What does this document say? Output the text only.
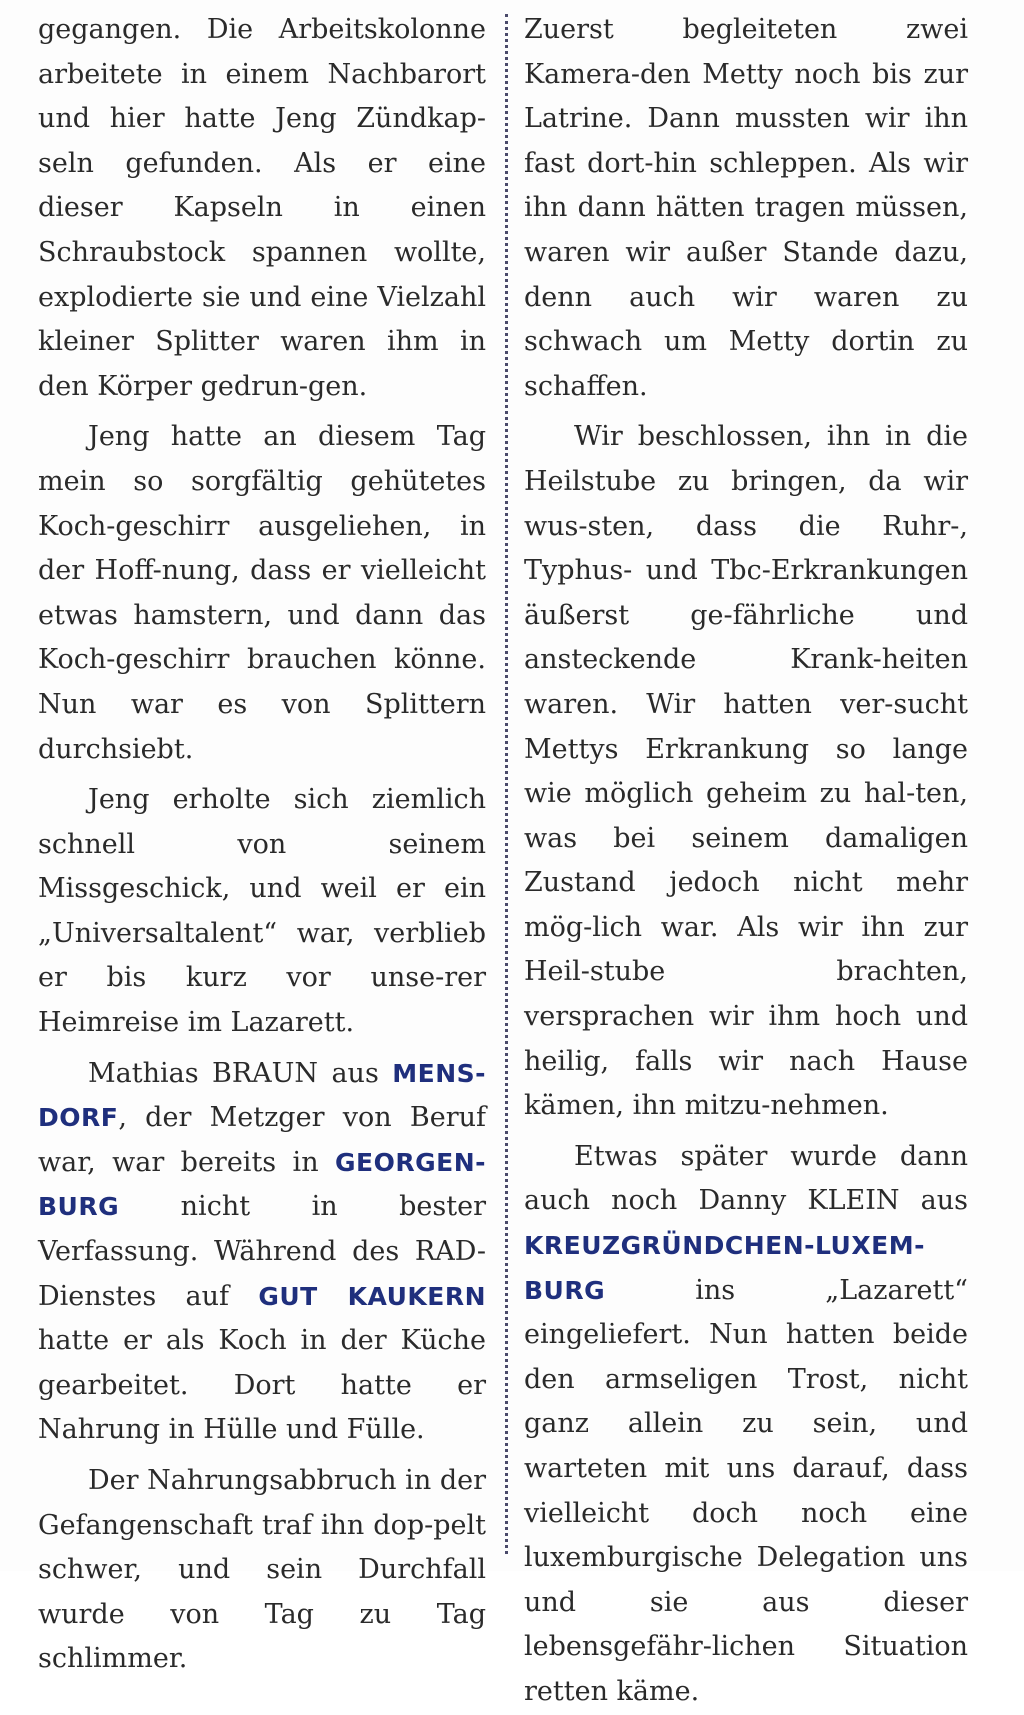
gegangen. Die Arbeitskolonne arbeitete in einem Nachbarort und hier hatte Jeng Zündkap-seln gefunden. Als er eine dieser Kapseln in einen Schraubstock spannen wollte, explodierte sie und eine Vielzahl kleiner Splitter waren ihm in den Körper gedrun-gen.

Jeng hatte an diesem Tag mein so sorgfältig gehütetes Koch-geschirr ausgeliehen, in der Hoff-nung, dass er vielleicht etwas hamstern, und dann das Koch-geschirr brauchen könne. Nun war es von Splittern durchsiebt.

Jeng erholte sich ziemlich schnell von seinem Missgeschick, und weil er ein „Universaltalent“ war, verblieb er bis kurz vor unse-rer Heimreise im Lazarett.

Mathias BRAUN aus MENS-DORF, der Metzger von Beruf war, war bereits in GEORGEN-BURG nicht in bester Verfassung. Während des RAD-Dienstes auf GUT KAUKERN hatte er als Koch in der Küche gearbeitet. Dort hatte er Nahrung in Hülle und Fülle.

Der Nahrungsabbruch in der Gefangenschaft traf ihn dop-pelt schwer, und sein Durchfall wurde von Tag zu Tag schlimmer.

Zuerst begleiteten zwei Kamera-den Metty noch bis zur Latrine. Dann mussten wir ihn fast dort-hin schleppen. Als wir ihn dann hätten tragen müssen, waren wir außer Stande dazu, denn auch wir waren zu schwach um Metty dortin zu schaffen.

Wir beschlossen, ihn in die Heilstube zu bringen, da wir wus-sten, dass die Ruhr-, Typhus- und Tbc-Erkrankungen äußerst ge-fährliche und ansteckende Krank-heiten waren. Wir hatten ver-sucht Mettys Erkrankung so lange wie möglich geheim zu hal-ten, was bei seinem damaligen Zustand jedoch nicht mehr mög-lich war. Als wir ihn zur Heil-stube brachten, versprachen wir ihm hoch und heilig, falls wir nach Hause kämen, ihn mitzu-nehmen.

Etwas später wurde dann auch noch Danny KLEIN aus KREUZGRÜNDCHEN-LUXEM-BURG ins „Lazarett“ eingeliefert. Nun hatten beide den armseligen Trost, nicht ganz allein zu sein, und warteten mit uns darauf, dass vielleicht doch noch eine luxemburgische Delegation uns und sie aus dieser lebensgefähr-lichen Situation retten käme.
